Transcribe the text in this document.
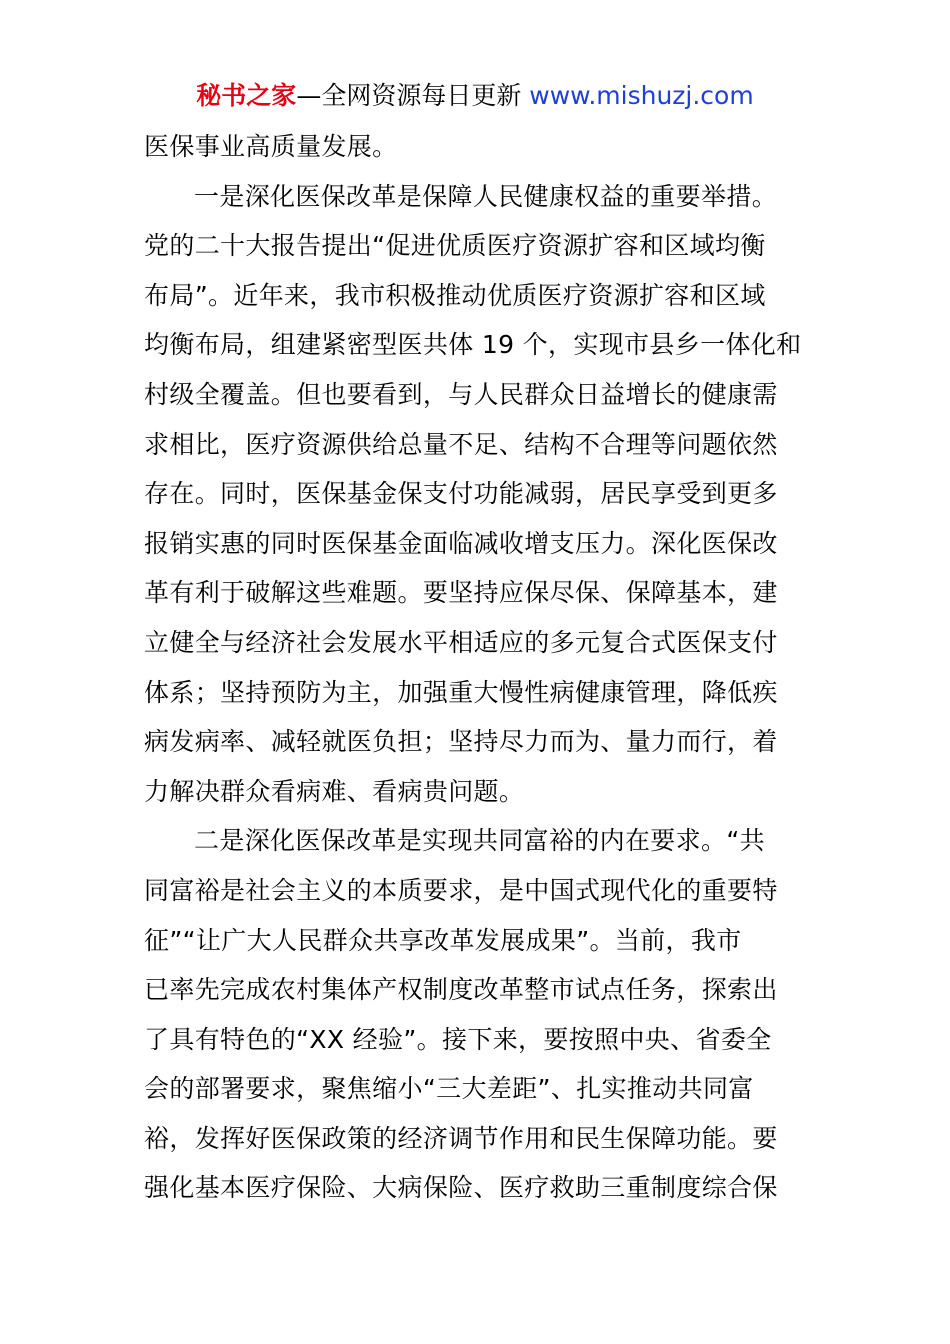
秘书之家—全网资源每日更新 www.mishuzj.com
医保事业高质量发展。
一是深化医保改革是保障人民健康权益的重要举措。
党的二十大报告提出“促进优质医疗资源扩容和区域均衡
布局”。近年来，我市积极推动优质医疗资源扩容和区域
均衡布局，组建紧密型医共体 19 个，实现市县乡一体化和
村级全覆盖。但也要看到，与人民群众日益增长的健康需
求相比，医疗资源供给总量不足、结构不合理等问题依然
存在。同时，医保基金保支付功能减弱，居民享受到更多
报销实惠的同时医保基金面临减收增支压力。深化医保改
革有利于破解这些难题。要坚持应保尽保、保障基本，建
立健全与经济社会发展水平相适应的多元复合式医保支付
体系；坚持预防为主，加强重大慢性病健康管理，降低疾
病发病率、减轻就医负担；坚持尽力而为、量力而行，着
力解决群众看病难、看病贵问题。
二是深化医保改革是实现共同富裕的内在要求。“共
同富裕是社会主义的本质要求，是中国式现代化的重要特
征”“让广大人民群众共享改革发展成果”。当前，我市
已率先完成农村集体产权制度改革整市试点任务，探索出
了具有特色的“XX 经验”。接下来，要按照中央、省委全
会的部署要求，聚焦缩小“三大差距”、扎实推动共同富
裕，发挥好医保政策的经济调节作用和民生保障功能。要
强化基本医疗保险、大病保险、医疗救助三重制度综合保
